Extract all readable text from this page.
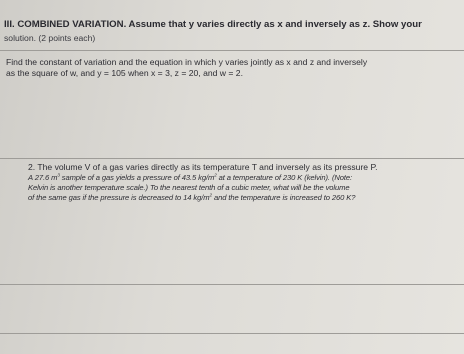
III. COMBINED VARIATION. Assume that y varies directly as x and inversely as z. Show your
solution. (2 points each)
Find the constant of variation and the equation in which y varies jointly as x and z and inversely
as the square of w, and y = 105 when x = 3, z = 20, and w = 2.
2. The volume V of a gas varies directly as its temperature T and inversely as its pressure P.
A 27.6 $m^3$ sample of a gas yields a pressure of 43.5 $kg/m^2$ at a temperature of 230 K (kelvin). (Note:
Kelvin is another temperature scale.) To the nearest tenth of a cubic meter, what will be the volume
of the same gas if the pressure is decreased to 14 $kg/m^2$ and the temperature is increased to 260 K?
